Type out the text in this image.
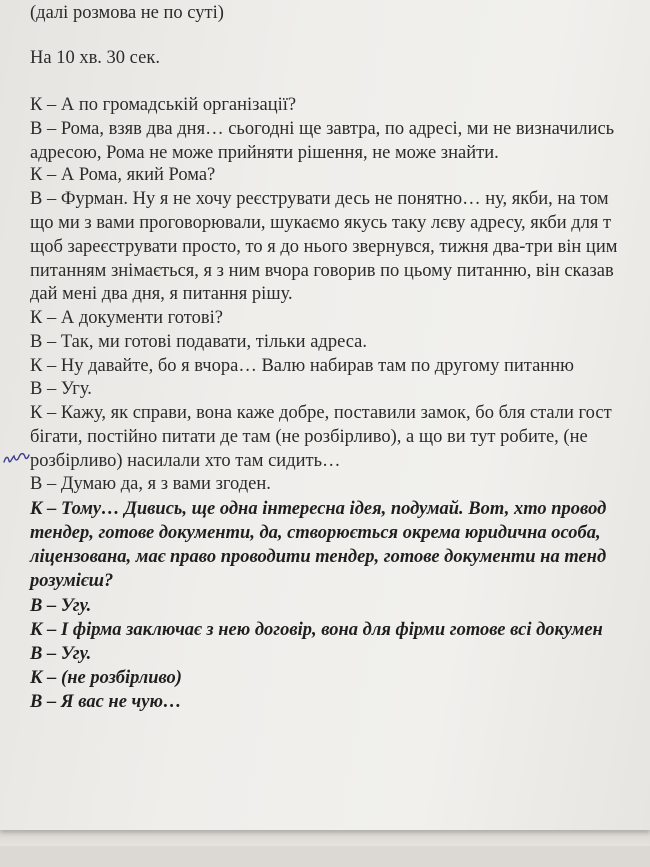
(далі розмова не по суті)
На 10 хв. 30 сек.
К – А по громадській організації?
В – Рома, взяв два дня… сьогодні ще завтра, по адресі, ми не визначились
адресою, Рома не може прийняти рішення, не може знайти.
К – А Рома, який Рома?
В – Фурман. Ну я не хочу реєструвати десь не понятно… ну, якби, на том
що ми з вами проговорювали, шукаємо якусь таку лєву адресу, якби для т
щоб зареєструвати просто, то я до нього звернувся, тижня два-три він цим
питанням знімається, я з ним вчора говорив по цьому питанню, він сказав
дай мені два дня, я питання рішу.
К – А документи готові?
В – Так, ми готові подавати, тільки адреса.
К – Ну давайте, бо я вчора… Валю набирав там по другому питанню
В – Угу.
К – Кажу, як справи, вона каже добре, поставили замок, бо бля стали гост
бігати, постійно питати де там (не розбірливо), а що ви тут робите, (не
розбірливо) насилали хто там сидить…
В – Думаю да, я з вами згоден.
К – Тому… Дивись, ще одна інтересна ідея, подумай. Вот, хто провод
тендер, готове документи, да, створюється окрема юридична особа,
ліцензована, має право проводити тендер, готове документи на тенд
розумієш?
В – Угу.
К – І фірма заключає з нею договір, вона для фірми готове всі докумен
В – Угу.
К – (не розбірливо)
В – Я вас не чую…
